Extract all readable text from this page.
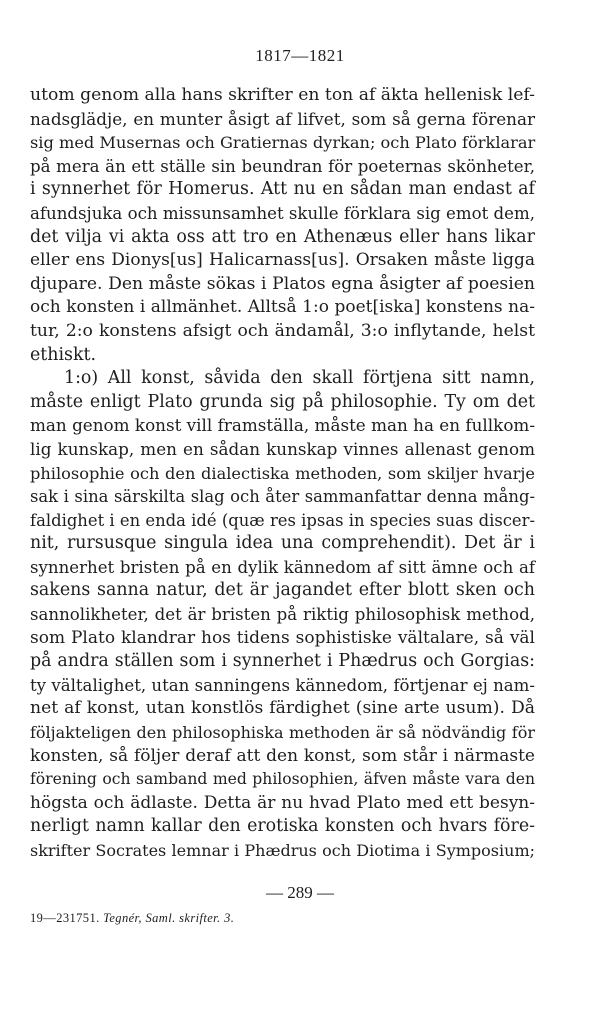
1817—1821
utom genom alla hans skrifter en ton af äkta hellenisk lef-
nadsglädje, en munter åsigt af lifvet, som så gerna förenar
sig med Musernas och Gratiernas dyrkan; och Plato förklarar
på mera än ett ställe sin beundran för poeternas skönheter,
i synnerhet för Homerus. Att nu en sådan man endast af
afundsjuka och missunsamhet skulle förklara sig emot dem,
det vilja vi akta oss att tro en Athenæus eller hans likar
eller ens Dionys[us] Halicarnass[us]. Orsaken måste ligga
djupare. Den måste sökas i Platos egna åsigter af poesien
och konsten i allmänhet. Alltså 1:o poet[iska] konstens na-
tur, 2:o konstens afsigt och ändamål, 3:o inflytande, helst
ethiskt.
1:o) All konst, såvida den skall förtjena sitt namn,
måste enligt Plato grunda sig på philosophie. Ty om det
man genom konst vill framställa, måste man ha en fullkom-
lig kunskap, men en sådan kunskap vinnes allenast genom
philosophie och den dialectiska methoden, som skiljer hvarje
sak i sina särskilta slag och åter sammanfattar denna mång-
faldighet i en enda idé (quæ res ipsas in species suas discer-
nit, rursusque singula idea una comprehendit). Det är i
synnerhet bristen på en dylik kännedom af sitt ämne och af
sakens sanna natur, det är jagandet efter blott sken och
sannolikheter, det är bristen på riktig philosophisk method,
som Plato klandrar hos tidens sophistiske vältalare, så väl
på andra ställen som i synnerhet i Phædrus och Gorgias:
ty vältalighet, utan sanningens kännedom, förtjenar ej nam-
net af konst, utan konstlös färdighet (sine arte usum). Då
följakteligen den philosophiska methoden är så nödvändig för
konsten, så följer deraf att den konst, som står i närmaste
förening och samband med philosophien, äfven måste vara den
högsta och ädlaste. Detta är nu hvad Plato med ett besyn-
nerligt namn kallar den erotiska konsten och hvars före-
skrifter Socrates lemnar i Phædrus och Diotima i Symposium;
— 289 —
19—231751. Tegnér, Saml. skrifter. 3.
